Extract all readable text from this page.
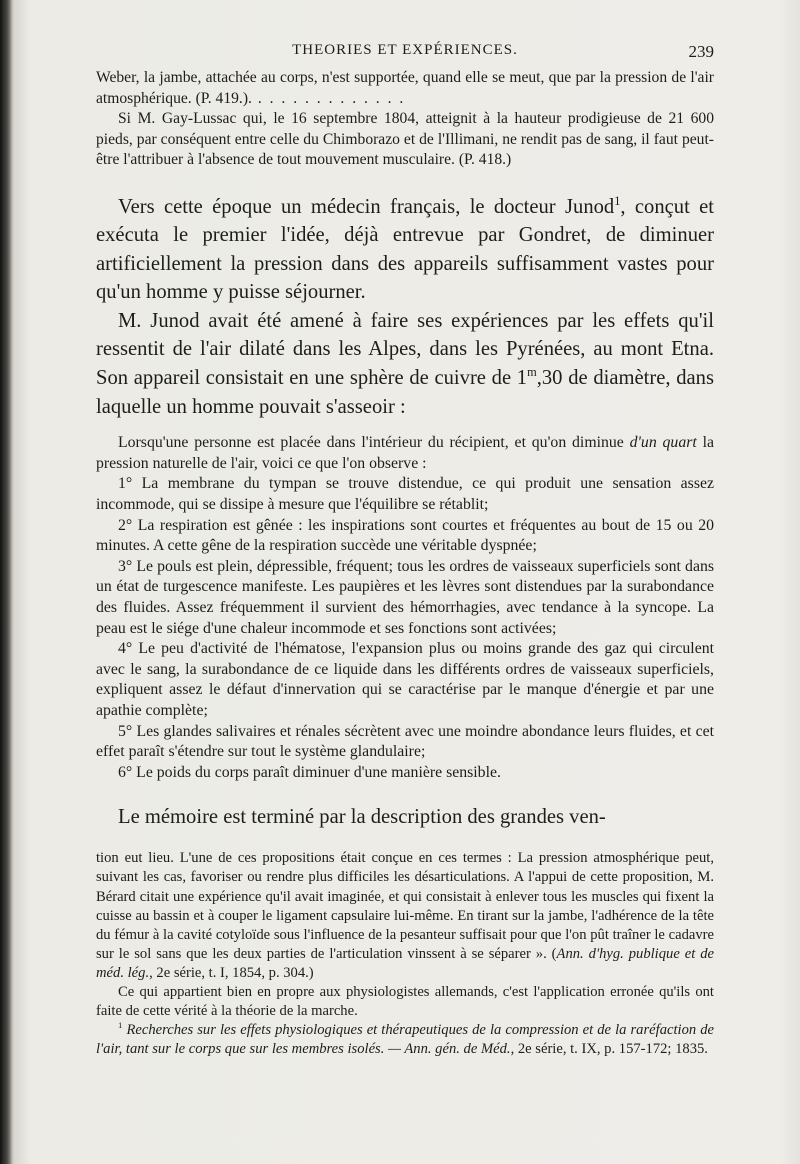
THEORIES ET EXPÉRIENCES.	239

Weber, la jambe, attachée au corps, n'est supportée, quand elle se meut, que par la pression de l'air atmosphérique. (P. 419.). . . . . . . . . . . . . .

Si M. Gay-Lussac qui, le 16 septembre 1804, atteignit à la hauteur prodigieuse de 21 600 pieds, par conséquent entre celle du Chimborazo et de l'Illimani, ne rendit pas de sang, il faut peut-être l'attribuer à l'absence de tout mouvement musculaire. (P. 418.)

Vers cette époque un médecin français, le docteur Junod$^1$, conçut et exécuta le premier l'idée, déjà entrevue par Gondret, de diminuer artificiellement la pression dans des appareils suffisamment vastes pour qu'un homme y puisse séjourner.

M. Junod avait été amené à faire ses expériences par les effets qu'il ressentit de l'air dilaté dans les Alpes, dans les Pyrénées, au mont Etna. Son appareil consistait en une sphère de cuivre de 1$^m$,30 de diamètre, dans laquelle un homme pouvait s'asseoir :

Lorsqu'une personne est placée dans l'intérieur du récipient, et qu'on diminue d'un quart la pression naturelle de l'air, voici ce que l'on observe :

1° La membrane du tympan se trouve distendue, ce qui produit une sensation assez incommode, qui se dissipe à mesure que l'équilibre se rétablit;

2° La respiration est gênée : les inspirations sont courtes et fréquentes au bout de 15 ou 20 minutes. A cette gêne de la respiration succède une véritable dyspnée;

3° Le pouls est plein, dépressible, fréquent; tous les ordres de vaisseaux superficiels sont dans un état de turgescence manifeste. Les paupières et les lèvres sont distendues par la surabondance des fluides. Assez fréquemment il survient des hémorrhagies, avec tendance à la syncope. La peau est le siége d'une chaleur incommode et ses fonctions sont activées;

4° Le peu d'activité de l'hématose, l'expansion plus ou moins grande des gaz qui circulent avec le sang, la surabondance de ce liquide dans les différents ordres de vaisseaux superficiels, expliquent assez le défaut d'innervation qui se caractérise par le manque d'énergie et par une apathie complète;

5° Les glandes salivaires et rénales sécrètent avec une moindre abondance leurs fluides, et cet effet paraît s'étendre sur tout le système glandulaire;

6° Le poids du corps paraît diminuer d'une manière sensible.

Le mémoire est terminé par la description des grandes ven-

tion eut lieu. L'une de ces propositions était conçue en ces termes : La pression atmosphérique peut, suivant les cas, favoriser ou rendre plus difficiles les désarticulations. A l'appui de cette proposition, M. Bérard citait une expérience qu'il avait imaginée, et qui consistait à enlever tous les muscles qui fixent la cuisse au bassin et à couper le ligament capsulaire lui-même. En tirant sur la jambe, l'adhérence de la tête du fémur à la cavité cotyloïde sous l'influence de la pesanteur suffisait pour que l'on pût traîner le cadavre sur le sol sans que les deux parties de l'articulation vinssent à se séparer ». (Ann. d'hyg. publique et de méd. lég., 2e série, t. I, 1854, p. 304.)

Ce qui appartient bien en propre aux physiologistes allemands, c'est l'application erronée qu'ils ont faite de cette vérité à la théorie de la marche.

$^1$ Recherches sur les effets physiologiques et thérapeutiques de la compression et de la raréfaction de l'air, tant sur le corps que sur les membres isolés. — Ann. gén. de Méd., 2e série, t. IX, p. 157-172; 1835.
